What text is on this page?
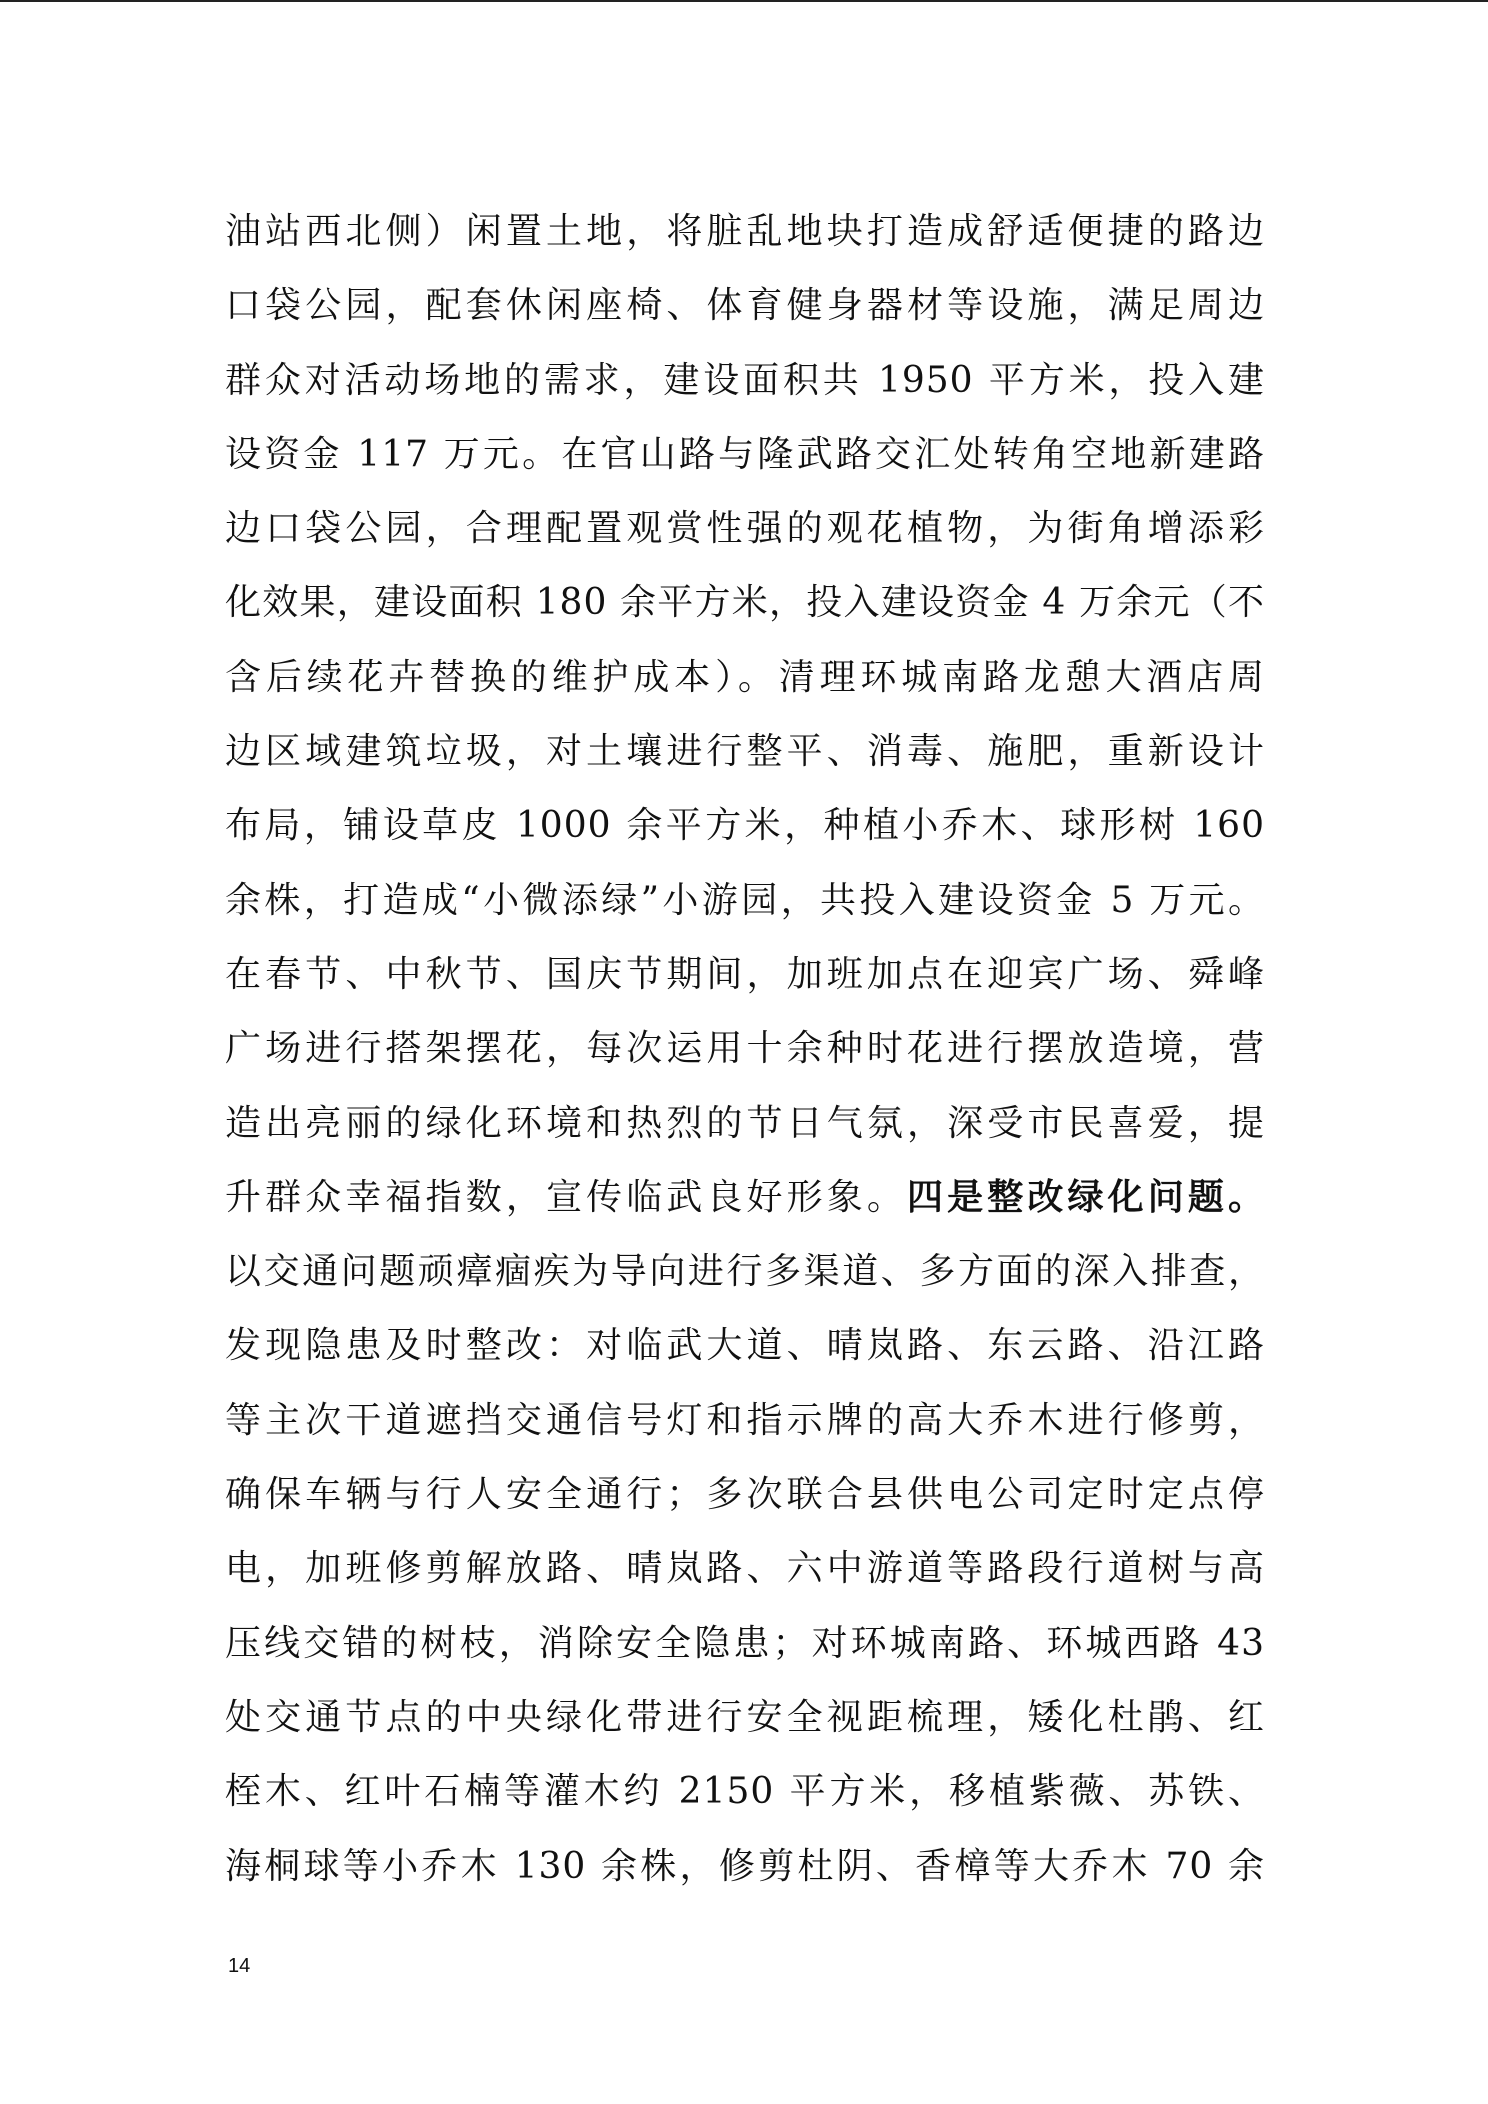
油站西北侧）闲置土地，将脏乱地块打造成舒适便捷的路边
口袋公园，配套休闲座椅、体育健身器材等设施，满足周边
群众对活动场地的需求，建设面积共 1950 平方米，投入建
设资金 117 万元。在官山路与隆武路交汇处转角空地新建路
边口袋公园，合理配置观赏性强的观花植物，为街角增添彩
化效果，建设面积 180 余平方米，投入建设资金 4 万余元（不
含后续花卉替换的维护成本）。清理环城南路龙憩大酒店周
边区域建筑垃圾，对土壤进行整平、消毒、施肥，重新设计
布局，铺设草皮 1000 余平方米，种植小乔木、球形树 160
余株，打造成“小微添绿”小游园，共投入建设资金 5 万元。
在春节、中秋节、国庆节期间，加班加点在迎宾广场、舜峰
广场进行搭架摆花，每次运用十余种时花进行摆放造境，营
造出亮丽的绿化环境和热烈的节日气氛，深受市民喜爱，提
升群众幸福指数，宣传临武良好形象。四是整改绿化问题。
以交通问题顽瘴痼疾为导向进行多渠道、多方面的深入排查，
发现隐患及时整改：对临武大道、晴岚路、东云路、沿江路
等主次干道遮挡交通信号灯和指示牌的高大乔木进行修剪，
确保车辆与行人安全通行；多次联合县供电公司定时定点停
电，加班修剪解放路、晴岚路、六中游道等路段行道树与高
压线交错的树枝，消除安全隐患；对环城南路、环城西路 43
处交通节点的中央绿化带进行安全视距梳理，矮化杜鹃、红
桎木、红叶石楠等灌木约 2150 平方米，移植紫薇、苏铁、
海桐球等小乔木 130 余株，修剪杜阴、香樟等大乔木 70 余
14
